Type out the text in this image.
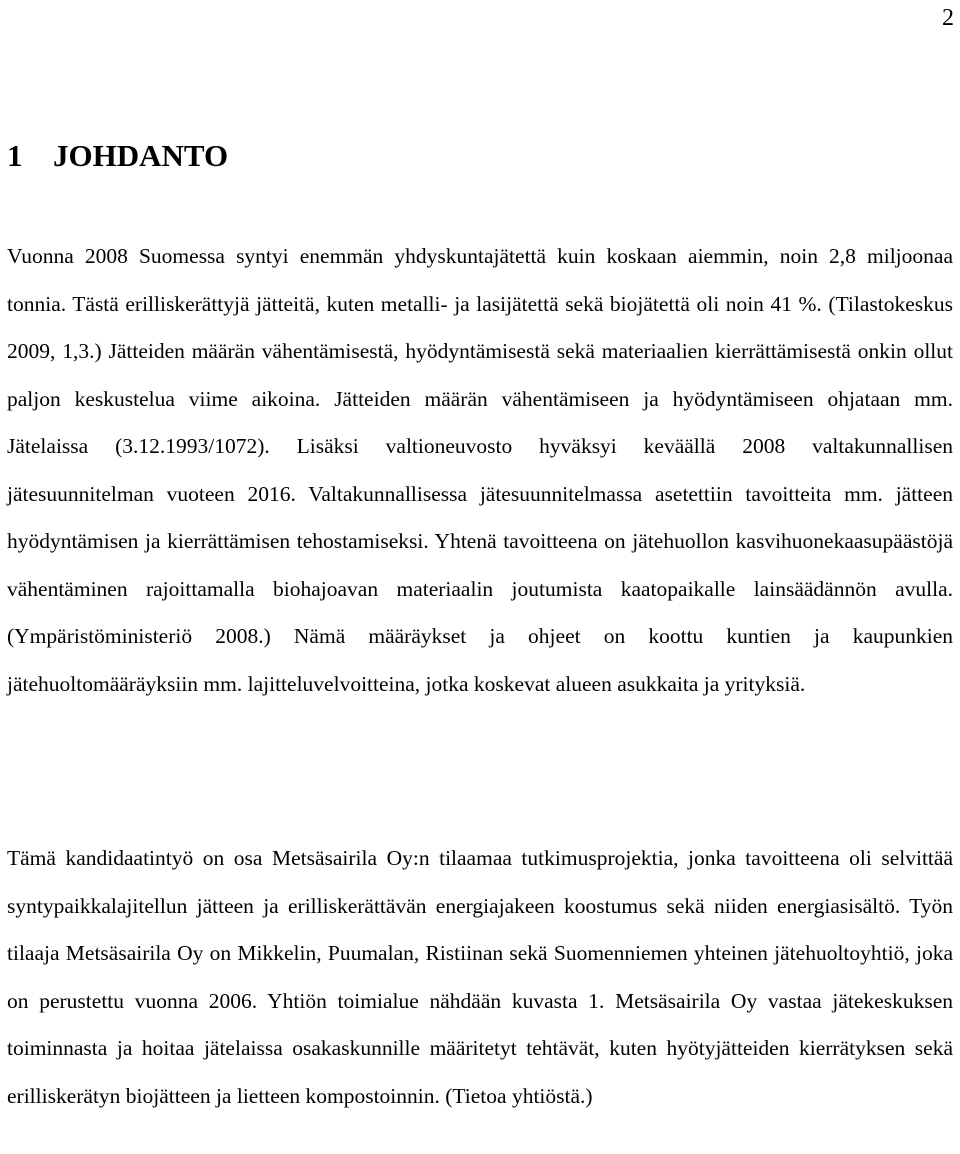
2
1 JOHDANTO

Vuonna 2008 Suomessa syntyi enemmän yhdyskuntajätettä kuin koskaan aiemmin, noin 2,8 miljoonaa tonnia. Tästä erilliskerättyjä jätteitä, kuten metalli- ja lasijätettä sekä biojätettä oli noin 41 %. (Tilastokeskus 2009, 1,3.) Jätteiden määrän vähentämisestä, hyödyntämisestä sekä materiaalien kierrättämisestä onkin ollut paljon keskustelua viime aikoina. Jätteiden määrän vähentämiseen ja hyödyntämiseen ohjataan mm. Jätelaissa (3.12.1993/1072). Lisäksi valtioneuvosto hyväksyi keväällä 2008 valtakunnallisen jätesuunnitelman vuoteen 2016. Valtakunnallisessa jätesuunnitelmassa asetettiin tavoitteita mm. jätteen hyödyntämisen ja kierrättämisen tehostamiseksi. Yhtenä tavoitteena on jätehuollon kasvihuonekaasupäästöjä vähentäminen rajoittamalla biohajoavan materiaalin joutumista kaatopaikalle lainsäädännön avulla. (Ympäristöministeriö 2008.) Nämä määräykset ja ohjeet on koottu kuntien ja kaupunkien jätehuoltomääräyksiin mm. lajitteluvelvoitteina, jotka koskevat alueen asukkaita ja yrityksiä.

Tämä kandidaatintyö on osa Metsäsairila Oy:n tilaamaa tutkimusprojektia, jonka tavoitteena oli selvittää syntypaikkalajitellun jätteen ja erilliskerättävän energiajakeen koostumus sekä niiden energiasisältö. Työn tilaaja Metsäsairila Oy on Mikkelin, Puumalan, Ristiinan sekä Suomenniemen yhteinen jätehuoltoyhtiö, joka on perustettu vuonna 2006. Yhtiön toimialue nähdään kuvasta 1. Metsäsairila Oy vastaa jätekeskuksen toiminnasta ja hoitaa jätelaissa osakaskunnille määritetyt tehtävät, kuten hyötyjätteiden kierrätyksen sekä erilliskerätyn biojätteen ja lietteen kompostoinnin. (Tietoa yhtiöstä.)
